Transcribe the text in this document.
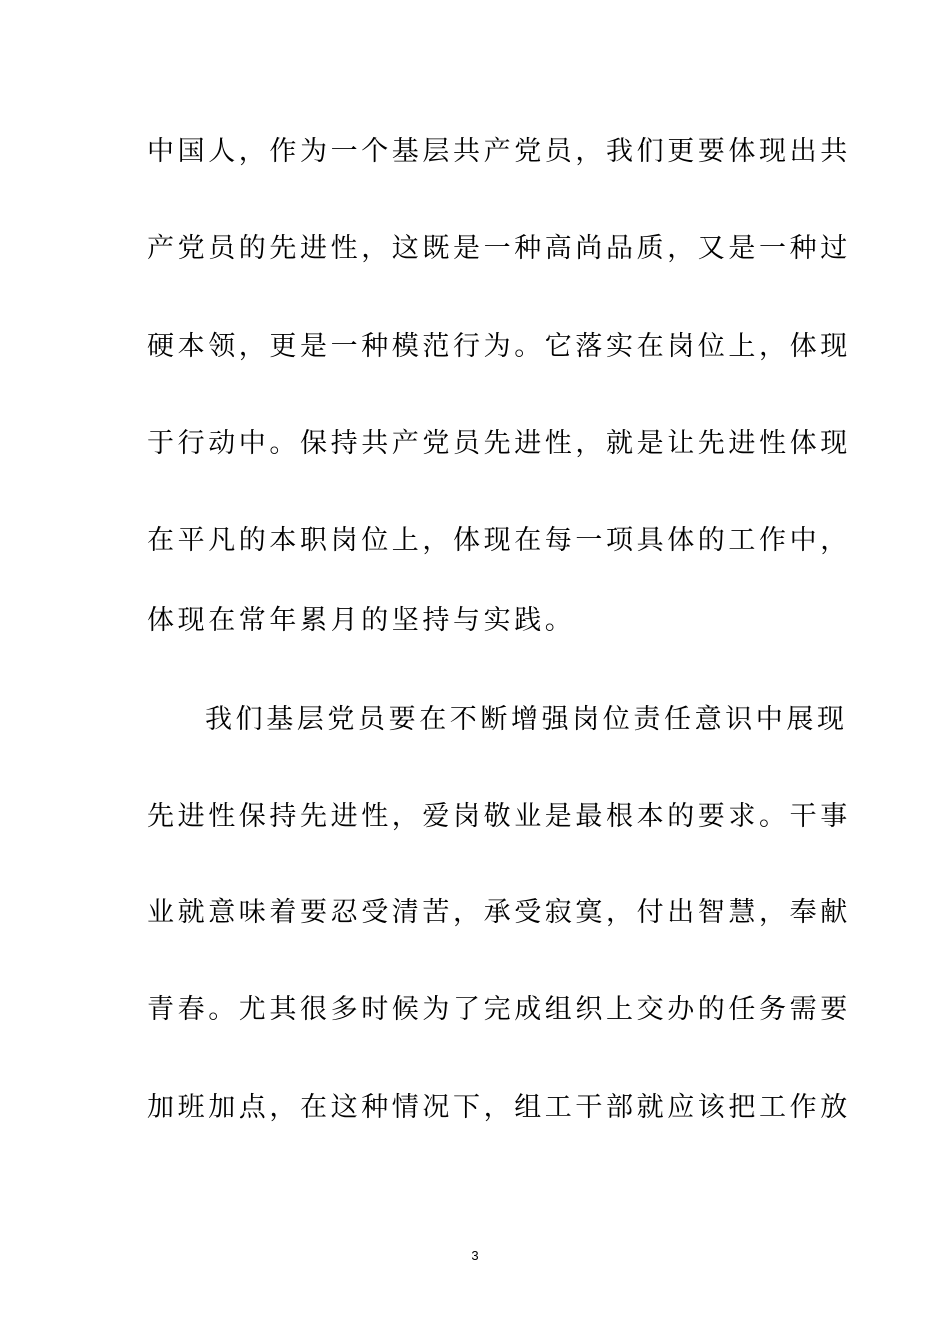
中国人，作为一个基层共产党员，我们更要体现出共
产党员的先进性，这既是一种高尚品质，又是一种过
硬本领，更是一种模范行为。它落实在岗位上，体现
于行动中。保持共产党员先进性，就是让先进性体现
在平凡的本职岗位上，体现在每一项具体的工作中，
体现在常年累月的坚持与实践。
我们基层党员要在不断增强岗位责任意识中展现
先进性保持先进性，爱岗敬业是最根本的要求。干事
业就意味着要忍受清苦，承受寂寞，付出智慧，奉献
青春。尤其很多时候为了完成组织上交办的任务需要
加班加点，在这种情况下，组工干部就应该把工作放
3
